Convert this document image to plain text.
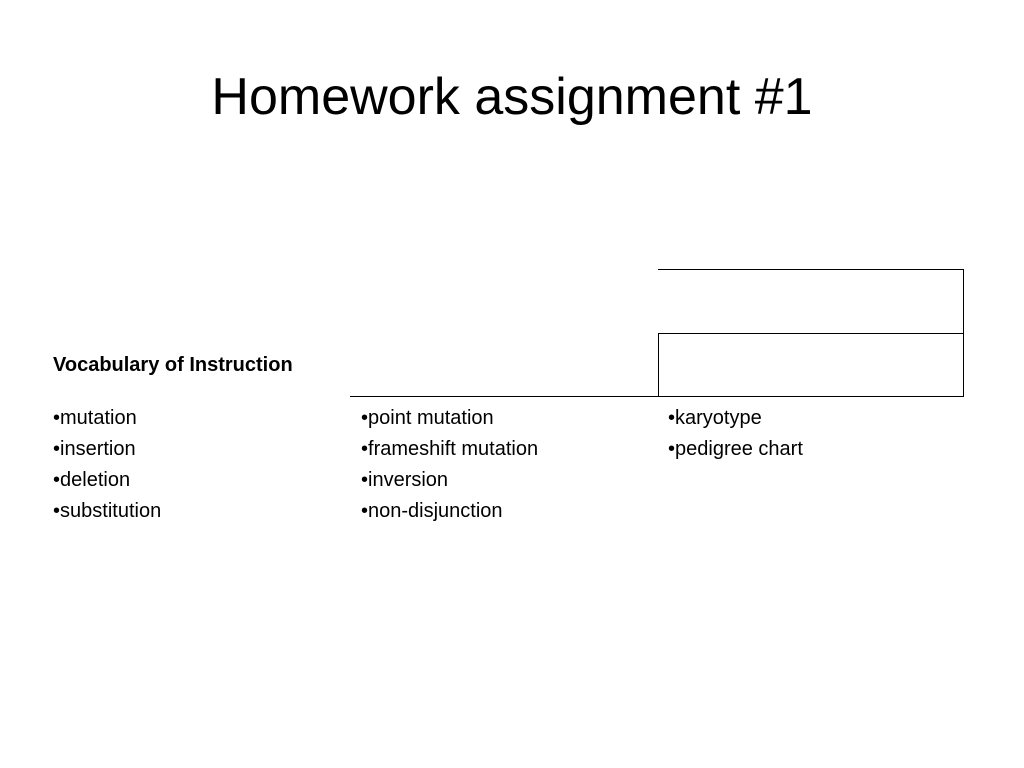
Homework assignment #1
Vocabulary of Instruction
• mutation
• insertion
• deletion
• substitution
• point mutation
• frameshift mutation
• inversion
• non-disjunction
• karyotype
• pedigree chart
